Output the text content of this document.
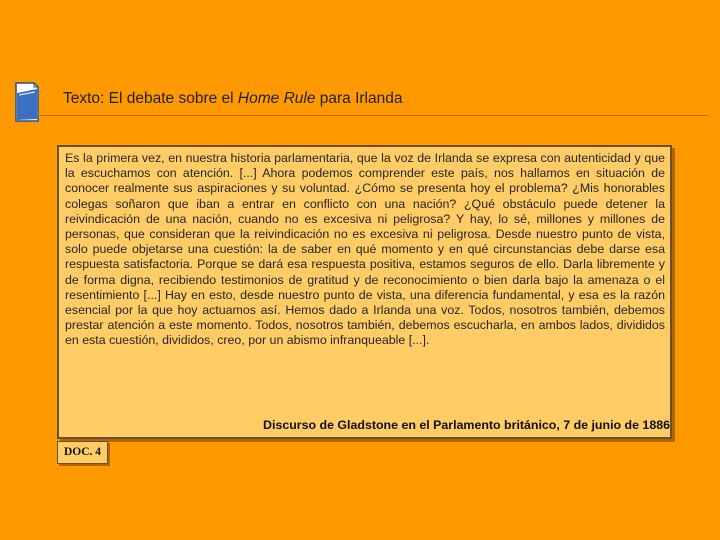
Texto: El debate sobre el Home Rule para Irlanda
Es la primera vez, en nuestra historia parlamentaria, que la voz de Irlanda se expresa con autenticidad y que la escuchamos con atención. [...] Ahora podemos comprender este país, nos hallamos en situación de conocer realmente sus aspiraciones y su voluntad. ¿Cómo se presenta hoy el problema? ¿Mis honorables colegas soñaron que iban a entrar en conflicto con una nación? ¿Qué obstáculo puede detener la reivindicación de una nación, cuando no es excesiva ni peligrosa? Y hay, lo sé, millones y millones de personas, que consideran que la reivindicación no es excesiva ni peligrosa. Desde nuestro punto de vista, solo puede objetarse una cuestión: la de saber en qué momento y en qué circunstancias debe darse esa respuesta satisfactoria. Porque se dará esa respuesta positiva, estamos seguros de ello. Darla libremente y de forma digna, recibiendo testimonios de gratitud y de reconocimiento o bien darla bajo la amenaza o el resentimiento [...] Hay en esto, desde nuestro punto de vista, una diferencia fundamental, y esa es la razón esencial por la que hoy actuamos así. Hemos dado a Irlanda una voz. Todos, nosotros también, debemos prestar atención a este momento. Todos, nosotros también, debemos escucharla, en ambos lados, divididos en esta cuestión, divididos, creo, por un abismo infranqueable [...].
Discurso de Gladstone en el Parlamento británico, 7 de junio de 1886
DOC. 4
